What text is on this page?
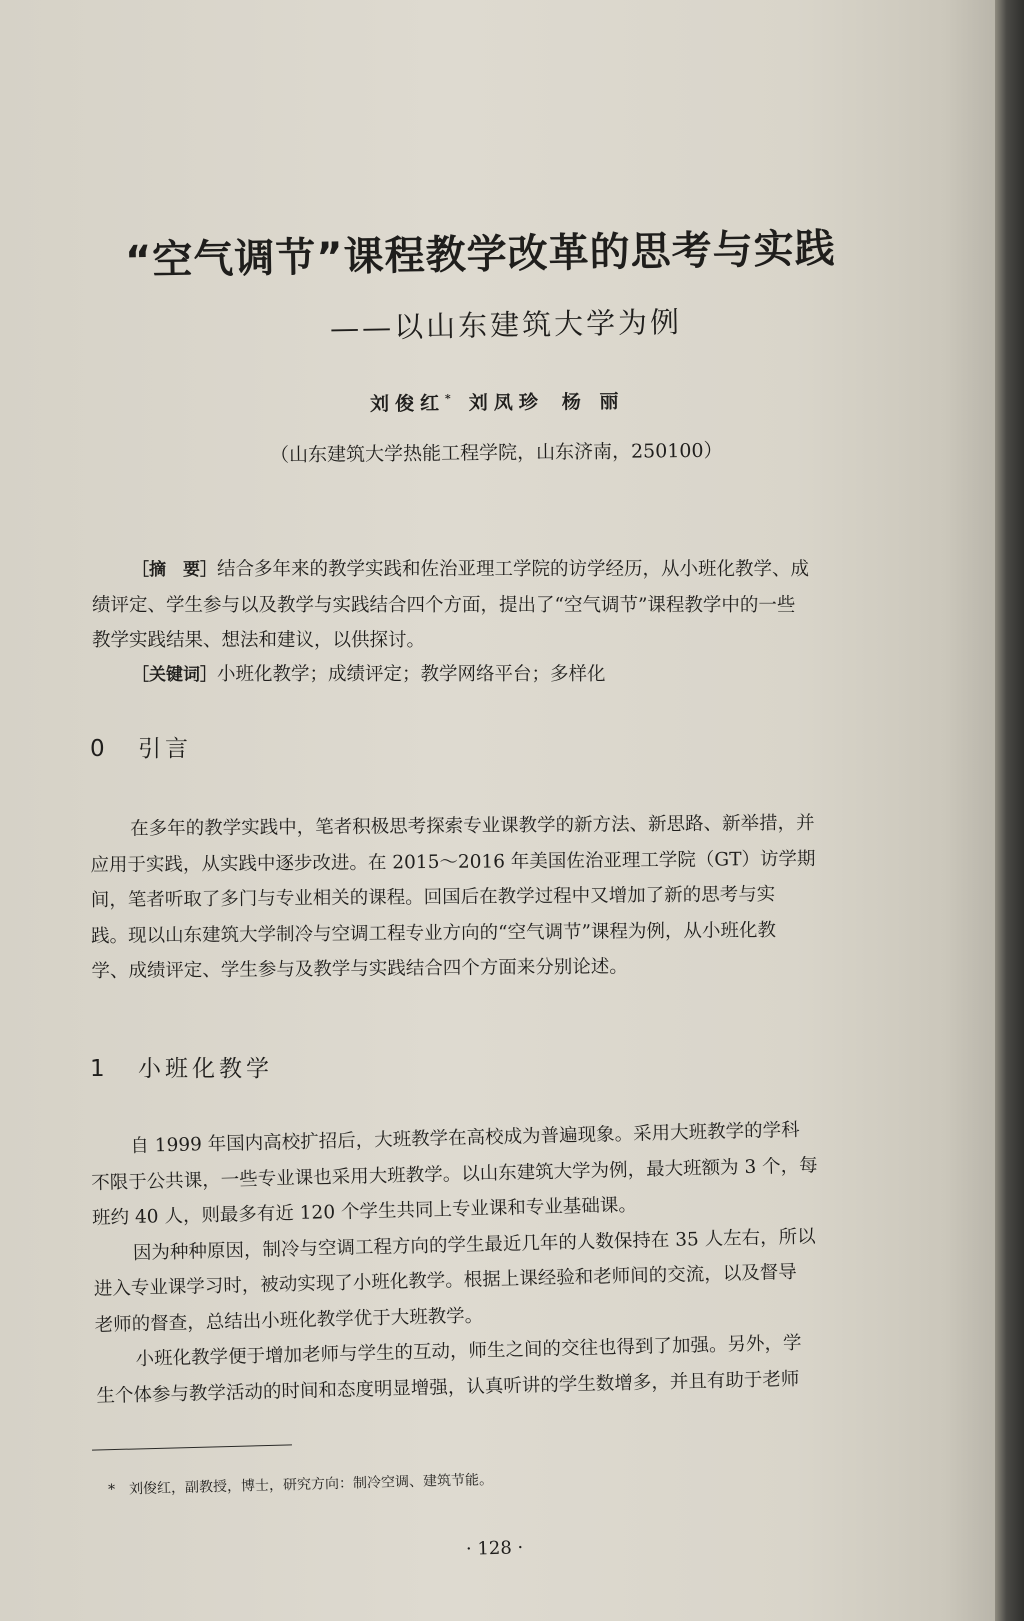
“空气调节”课程教学改革的思考与实践
——以山东建筑大学为例
刘俊红* 刘凤珍 杨 丽
（山东建筑大学热能工程学院，山东济南，250100）
［摘　要］结合多年来的教学实践和佐治亚理工学院的访学经历，从小班化教学、成
绩评定、学生参与以及教学与实践结合四个方面，提出了“空气调节”课程教学中的一些
教学实践结果、想法和建议，以供探讨。
［关键词］小班化教学；成绩评定；教学网络平台；多样化
0 引言
在多年的教学实践中，笔者积极思考探索专业课教学的新方法、新思路、新举措，并
应用于实践，从实践中逐步改进。在 2015～2016 年美国佐治亚理工学院（GT）访学期
间，笔者听取了多门与专业相关的课程。回国后在教学过程中又增加了新的思考与实
践。现以山东建筑大学制冷与空调工程专业方向的“空气调节”课程为例，从小班化教
学、成绩评定、学生参与及教学与实践结合四个方面来分别论述。
1 小班化教学
自 1999 年国内高校扩招后，大班教学在高校成为普遍现象。采用大班教学的学科
不限于公共课，一些专业课也采用大班教学。以山东建筑大学为例，最大班额为 3 个，每
班约 40 人，则最多有近 120 个学生共同上专业课和专业基础课。
因为种种原因，制冷与空调工程方向的学生最近几年的人数保持在 35 人左右，所以
进入专业课学习时，被动实现了小班化教学。根据上课经验和老师间的交流，以及督导
老师的督查，总结出小班化教学优于大班教学。
小班化教学便于增加老师与学生的互动，师生之间的交往也得到了加强。另外，学
生个体参与教学活动的时间和态度明显增强，认真听讲的学生数增多，并且有助于老师
*　刘俊红，副教授，博士，研究方向：制冷空调、建筑节能。
· 128 ·
